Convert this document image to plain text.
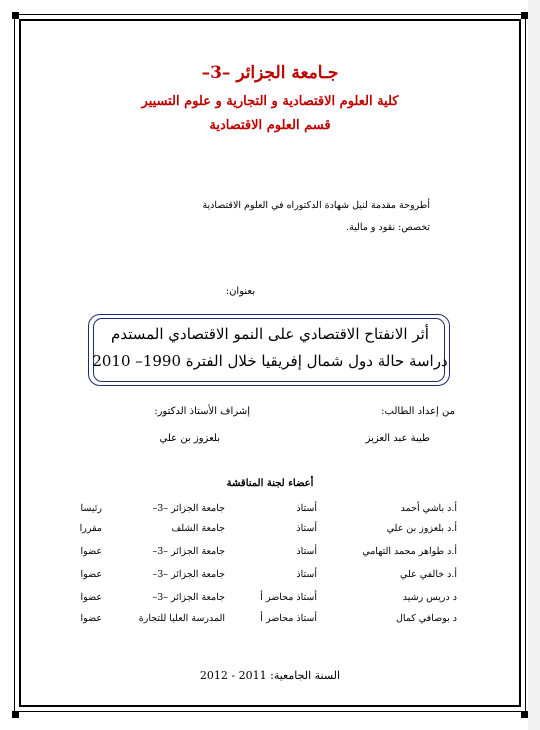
جـامعة الجزائر –3–
كلية العلوم الاقتصادية و التجارية و علوم التسيير
قسم العلوم الاقتصادية
أطروحة مقدمة لنيل شهادة الدكتوراه في العلوم الاقتصادية
تخصص: نقود و مالية.
بعنوان:
أثر الانفتاح الاقتصادي على النمو الاقتصادي المستدم
دراسة حالة دول شمال إفريقيا خلال الفترة 1990– 2010
من إعداد الطالب:
طيبة عبد العزيز
إشراف الأستاذ الدكتور:
بلعزوز بن علي
أعضاء لجنة المناقشة
أ.د باشي أحمد
أستاذ
جامعة الجزائر –3–
رئيسا
أ.د بلعزوز بن علي
أستاذ
جامعة الشلف
مقررا
أ.د طواهر محمد التهامي
أستاذ
جامعة الجزائر –3–
عضوا
أ.د خالفي علي
أستاذ
جامعة الجزائر –3–
عضوا
د دريس رشيد
أستاذ محاضر أ
جامعة الجزائر –3–
عضوا
د بوصافي كمال
أستاذ محاضر أ
المدرسة العليا للتجارة
عضوا
السنة الجامعية: 2011 - 2012
